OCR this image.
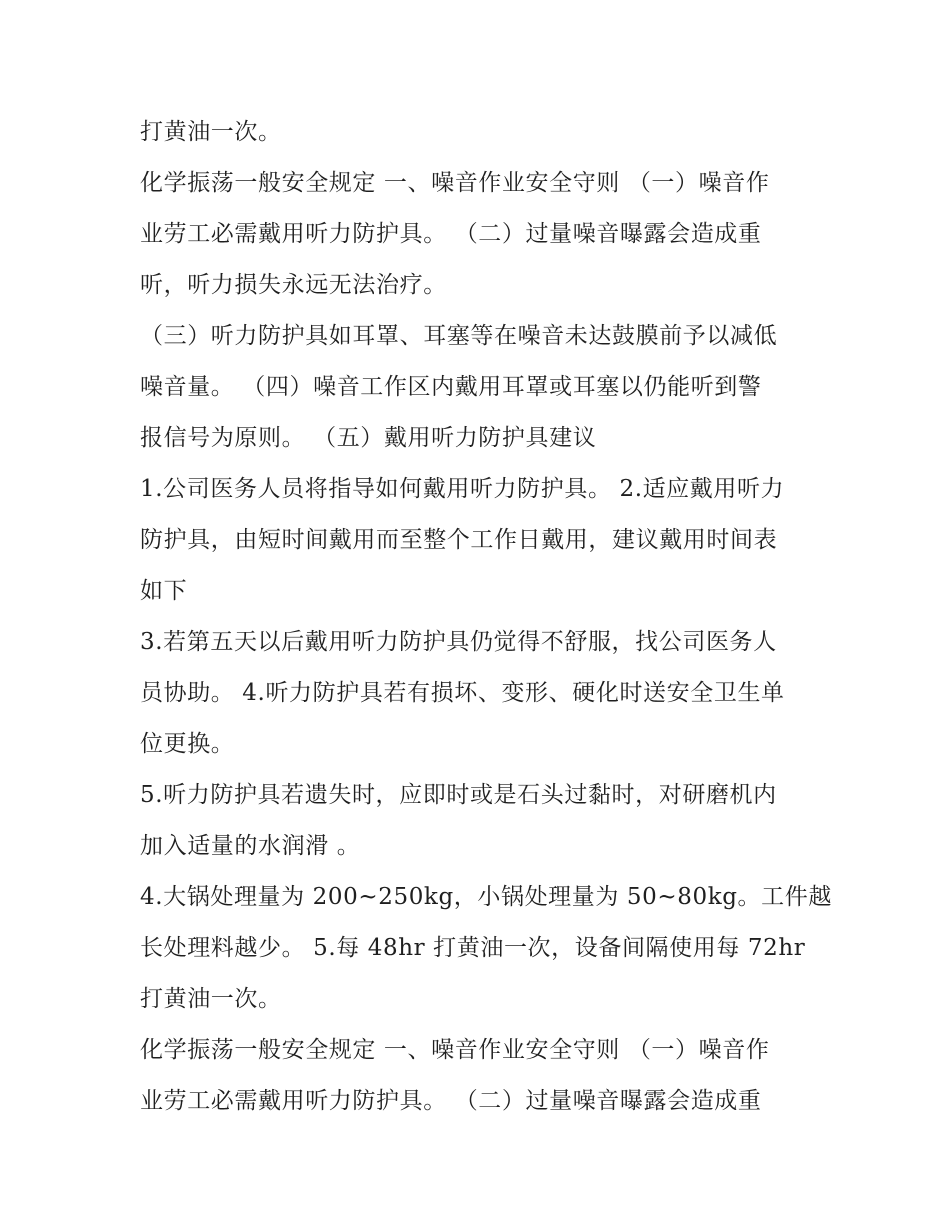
打黄油一次。
化学振荡一般安全规定 一、噪音作业安全守则 （一）噪音作
业劳工必需戴用听力防护具。 （二）过量噪音曝露会造成重
听，听力损失永远无法治疗。
（三）听力防护具如耳罩、耳塞等在噪音未达鼓膜前予以减低
噪音量。 （四）噪音工作区内戴用耳罩或耳塞以仍能听到警
报信号为原则。 （五）戴用听力防护具建议
1.公司医务人员将指导如何戴用听力防护具。 2.适应戴用听力
防护具，由短时间戴用而至整个工作日戴用，建议戴用时间表
如下
3.若第五天以后戴用听力防护具仍觉得不舒服，找公司医务人
员协助。 4.听力防护具若有损坏、变形、硬化时送安全卫生单
位更换。
5.听力防护具若遗失时，应即时或是石头过黏时，对研磨机内
加入适量的水润滑 。
4.大锅处理量为 200~250kg，小锅处理量为 50~80kg。工件越
长处理料越少。 5.每 48hr 打黄油一次，设备间隔使用每 72hr
打黄油一次。
化学振荡一般安全规定 一、噪音作业安全守则 （一）噪音作
业劳工必需戴用听力防护具。 （二）过量噪音曝露会造成重
